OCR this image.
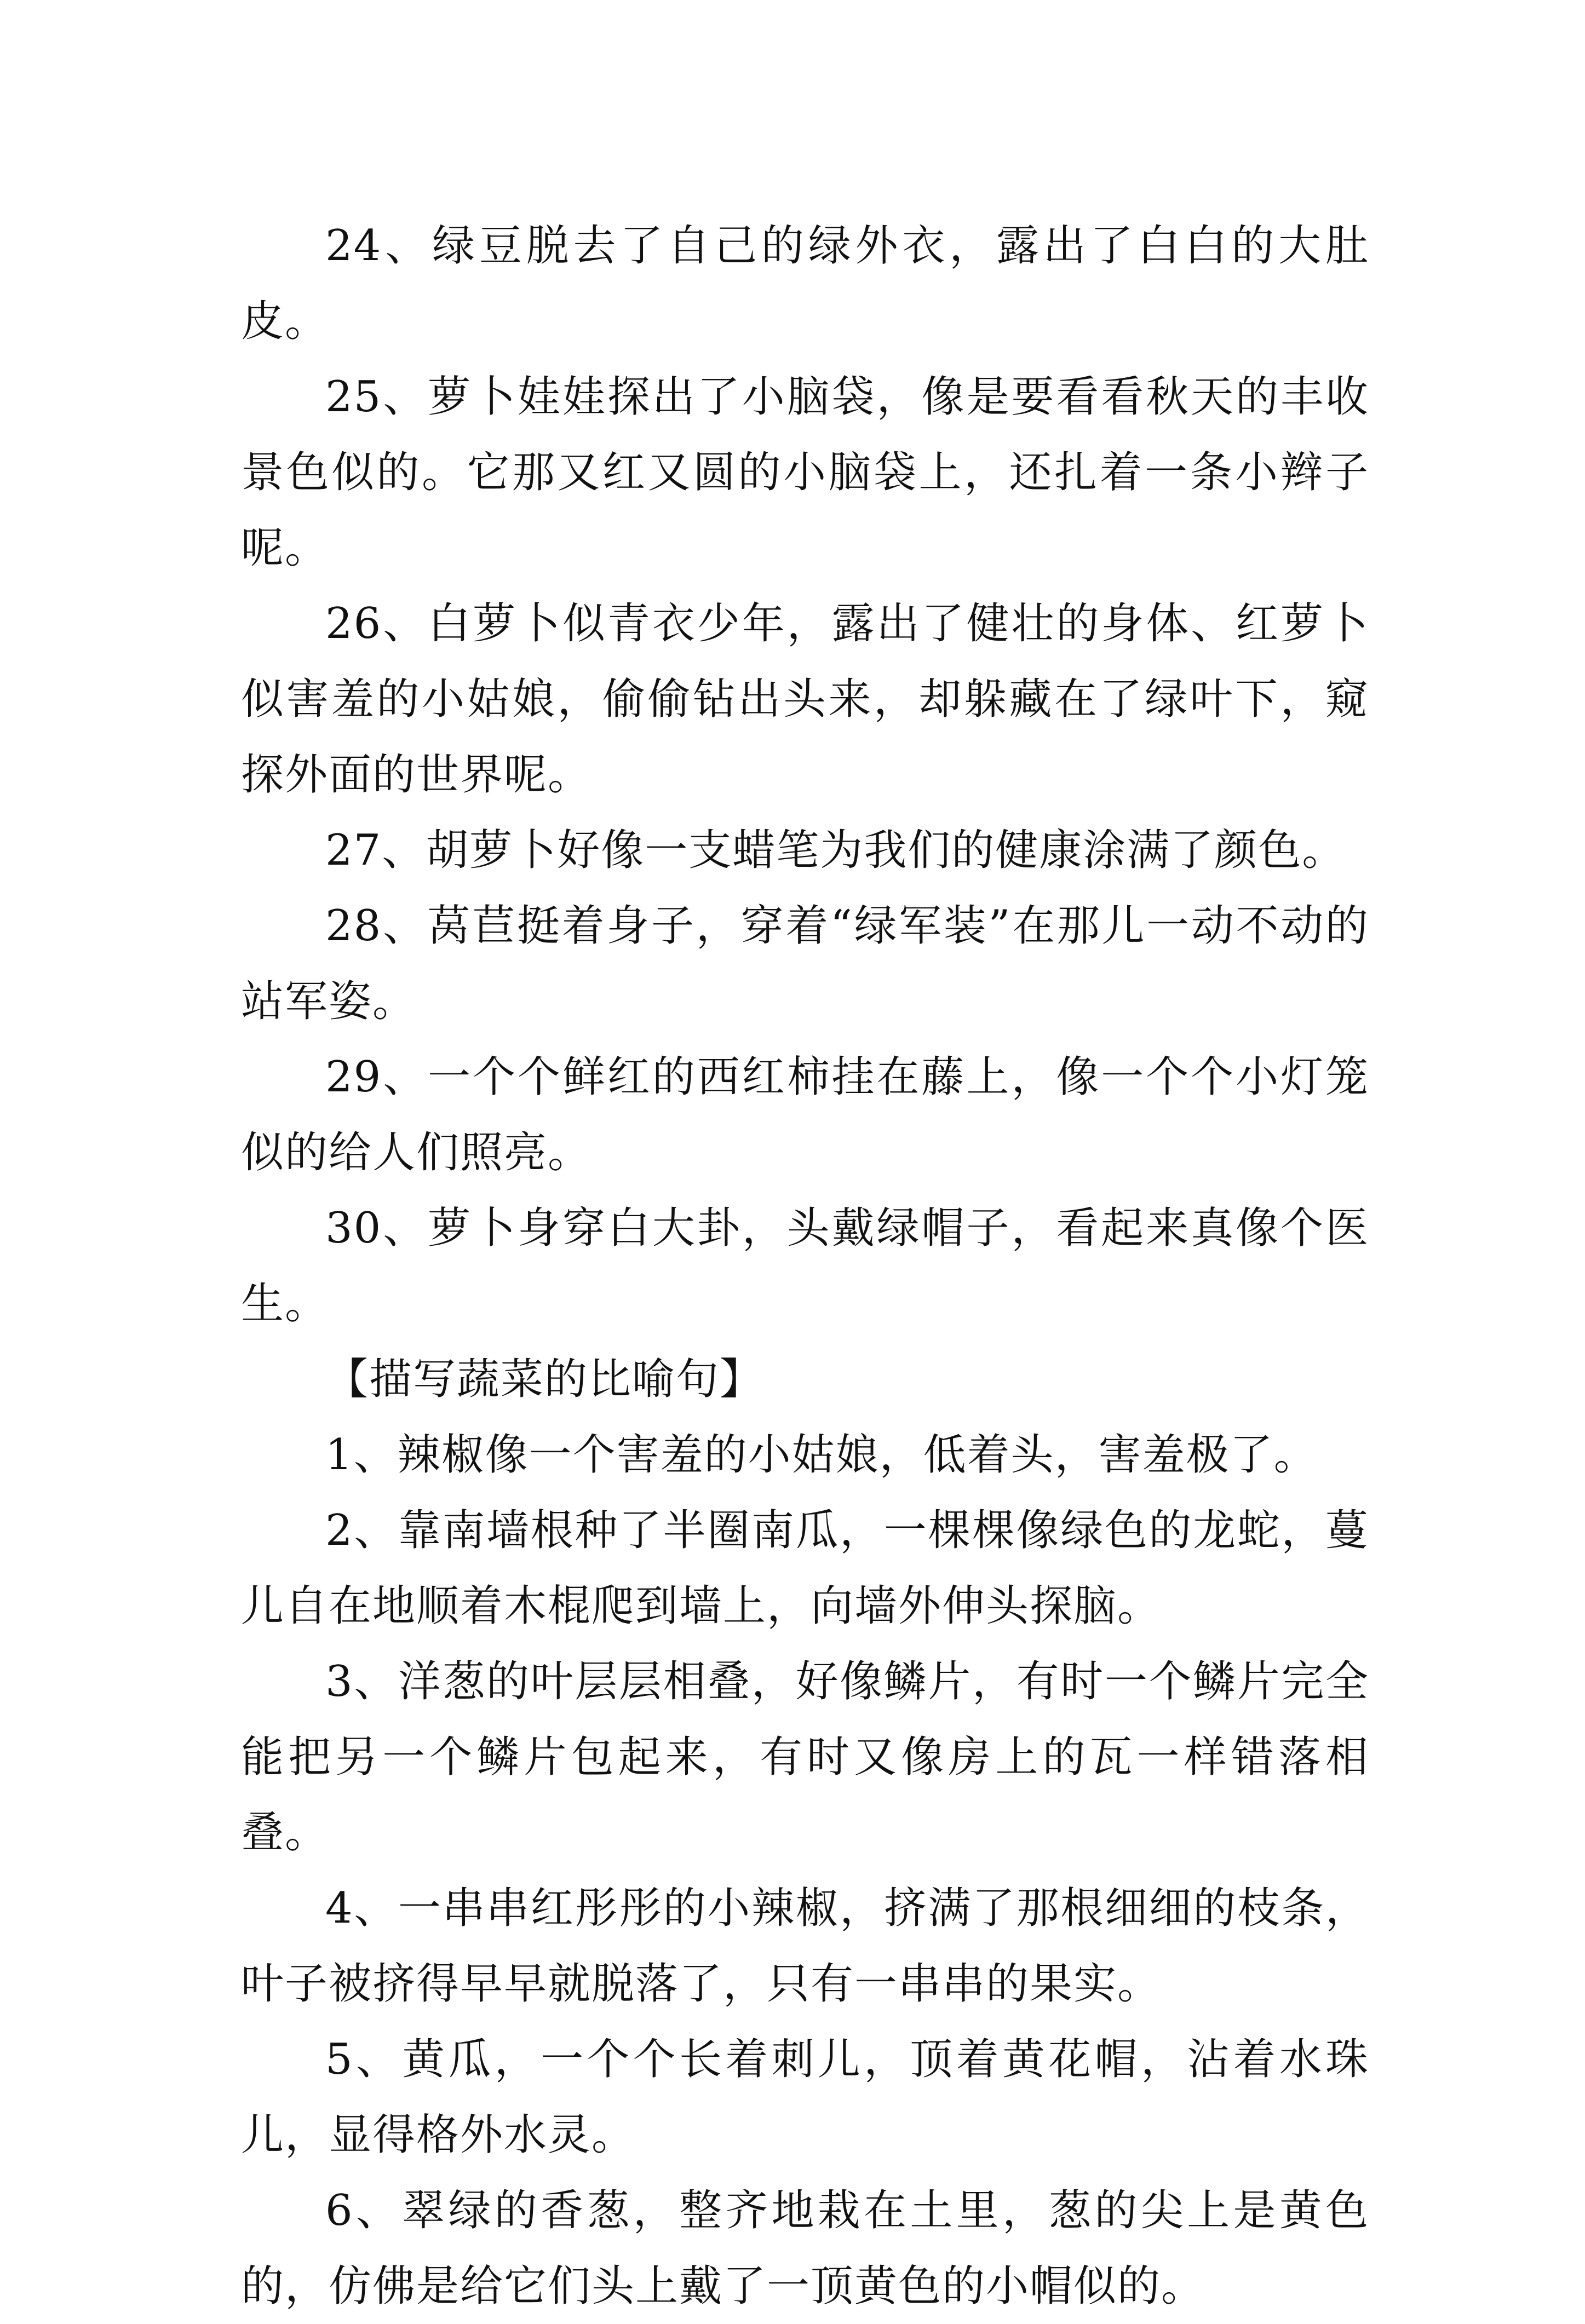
24、绿豆脱去了自己的绿外衣，露出了白白的大肚皮。

25、萝卜娃娃探出了小脑袋，像是要看看秋天的丰收景色似的。它那又红又圆的小脑袋上，还扎着一条小辫子呢。

26、白萝卜似青衣少年，露出了健壮的身体、红萝卜似害羞的小姑娘，偷偷钻出头来，却躲藏在了绿叶下，窥探外面的世界呢。

27、胡萝卜好像一支蜡笔为我们的健康涂满了颜色。

28、莴苣挺着身子，穿着“绿军装”在那儿一动不动的站军姿。

29、一个个鲜红的西红柿挂在藤上，像一个个小灯笼似的给人们照亮。

30、萝卜身穿白大卦，头戴绿帽子，看起来真像个医生。

【描写蔬菜的比喻句】

1、辣椒像一个害羞的小姑娘，低着头，害羞极了。

2、靠南墙根种了半圈南瓜，一棵棵像绿色的龙蛇，蔓儿自在地顺着木棍爬到墙上，向墙外伸头探脑。

3、洋葱的叶层层相叠，好像鳞片，有时一个鳞片完全能把另一个鳞片包起来，有时又像房上的瓦一样错落相叠。

4、一串串红彤彤的小辣椒，挤满了那根细细的枝条，叶子被挤得早早就脱落了，只有一串串的果实。

5、黄瓜，一个个长着刺儿，顶着黄花帽，沾着水珠儿，显得格外水灵。

6、翠绿的香葱，整齐地栽在土里，葱的尖上是黄色的，仿佛是给它们头上戴了一顶黄色的小帽似的。
